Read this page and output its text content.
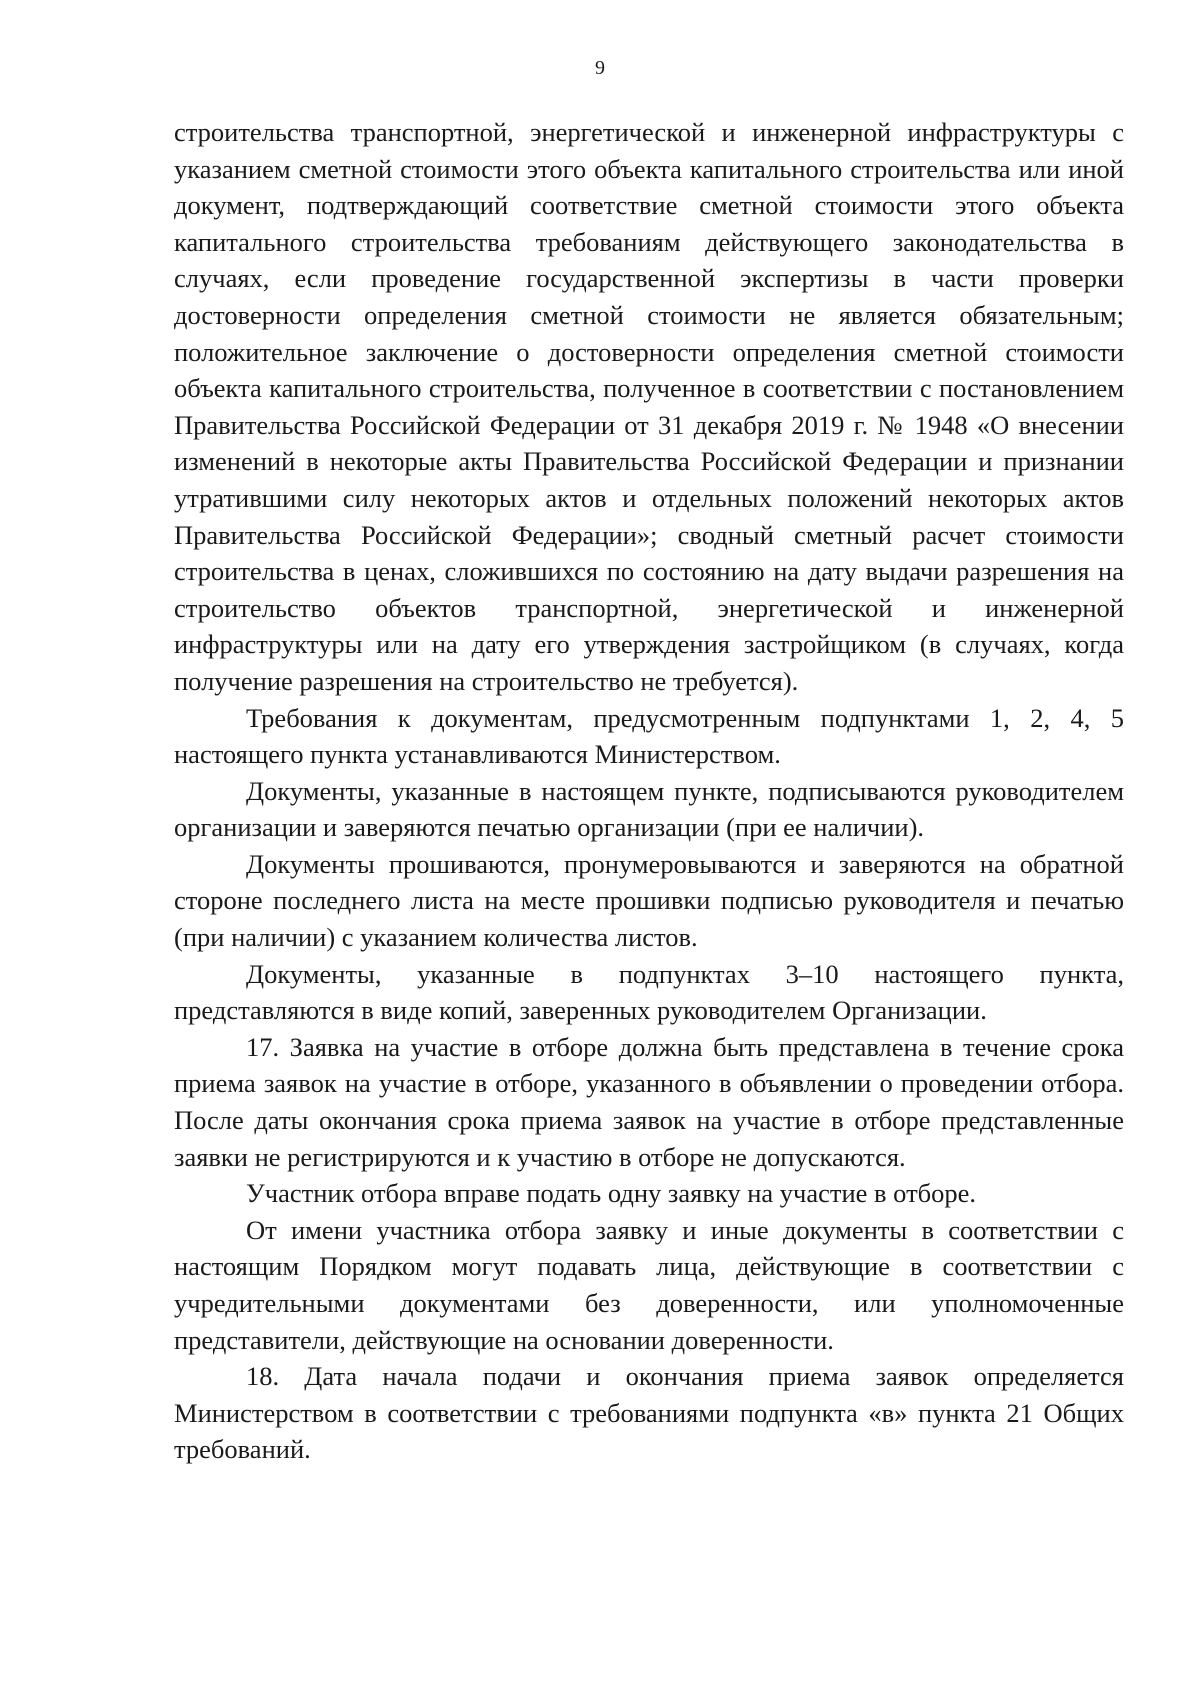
9

строительства транспортной, энергетической и инженерной инфраструктуры с указанием сметной стоимости этого объекта капитального строительства или иной документ, подтверждающий соответствие сметной стоимости этого объекта капитального строительства требованиям действующего законодательства в случаях, если проведение государственной экспертизы в части проверки достоверности определения сметной стоимости не является обязательным; положительное заключение о достоверности определения сметной стоимости объекта капитального строительства, полученное в соответствии с постановлением Правительства Российской Федерации от 31 декабря 2019 г. № 1948 «О внесении изменений в некоторые акты Правительства Российской Федерации и признании утратившими силу некоторых актов и отдельных положений некоторых актов Правительства Российской Федерации»; сводный сметный расчет стоимости строительства в ценах, сложившихся по состоянию на дату выдачи разрешения на строительство объектов транспортной, энергетической и инженерной инфраструктуры или на дату его утверждения застройщиком (в случаях, когда получение разрешения на строительство не требуется).

Требования к документам, предусмотренным подпунктами 1, 2, 4, 5 настоящего пункта устанавливаются Министерством.

Документы, указанные в настоящем пункте, подписываются руководителем организации и заверяются печатью организации (при ее наличии).

Документы прошиваются, пронумеровываются и заверяются на обратной стороне последнего листа на месте прошивки подписью руководителя и печатью (при наличии) с указанием количества листов.

Документы, указанные в подпунктах 3–10 настоящего пункта, представляются в виде копий, заверенных руководителем Организации.

17. Заявка на участие в отборе должна быть представлена в течение срока приема заявок на участие в отборе, указанного в объявлении о проведении отбора. После даты окончания срока приема заявок на участие в отборе представленные заявки не регистрируются и к участию в отборе не допускаются.

Участник отбора вправе подать одну заявку на участие в отборе.

От имени участника отбора заявку и иные документы в соответствии с настоящим Порядком могут подавать лица, действующие в соответствии с учредительными документами без доверенности, или уполномоченные представители, действующие на основании доверенности.

18. Дата начала подачи и окончания приема заявок определяется Министерством в соответствии с требованиями подпункта «в» пункта 21 Общих требований.
